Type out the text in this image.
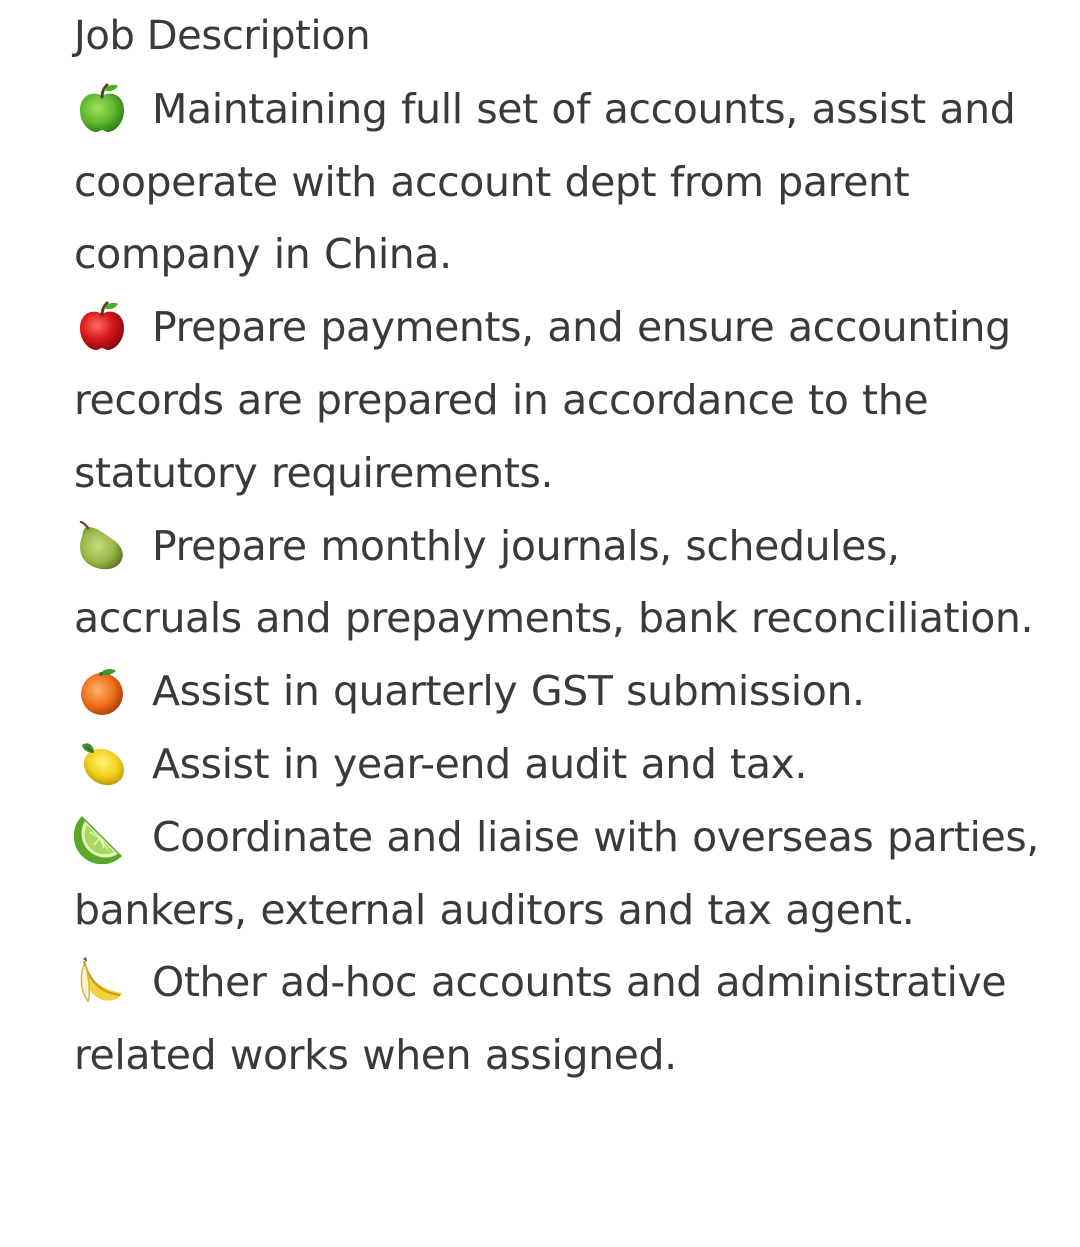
Job Description

Maintaining full set of accounts, assist and cooperate with account dept from parent company in China.

Prepare payments, and ensure accounting records are prepared in accordance to the statutory requirements.

Prepare monthly journals, schedules, accruals and prepayments, bank reconciliation.

Assist in quarterly GST submission.

Assist in year-end audit and tax.

Coordinate and liaise with overseas parties, bankers, external auditors and tax agent.

Other ad-hoc accounts and administrative related works when assigned.
